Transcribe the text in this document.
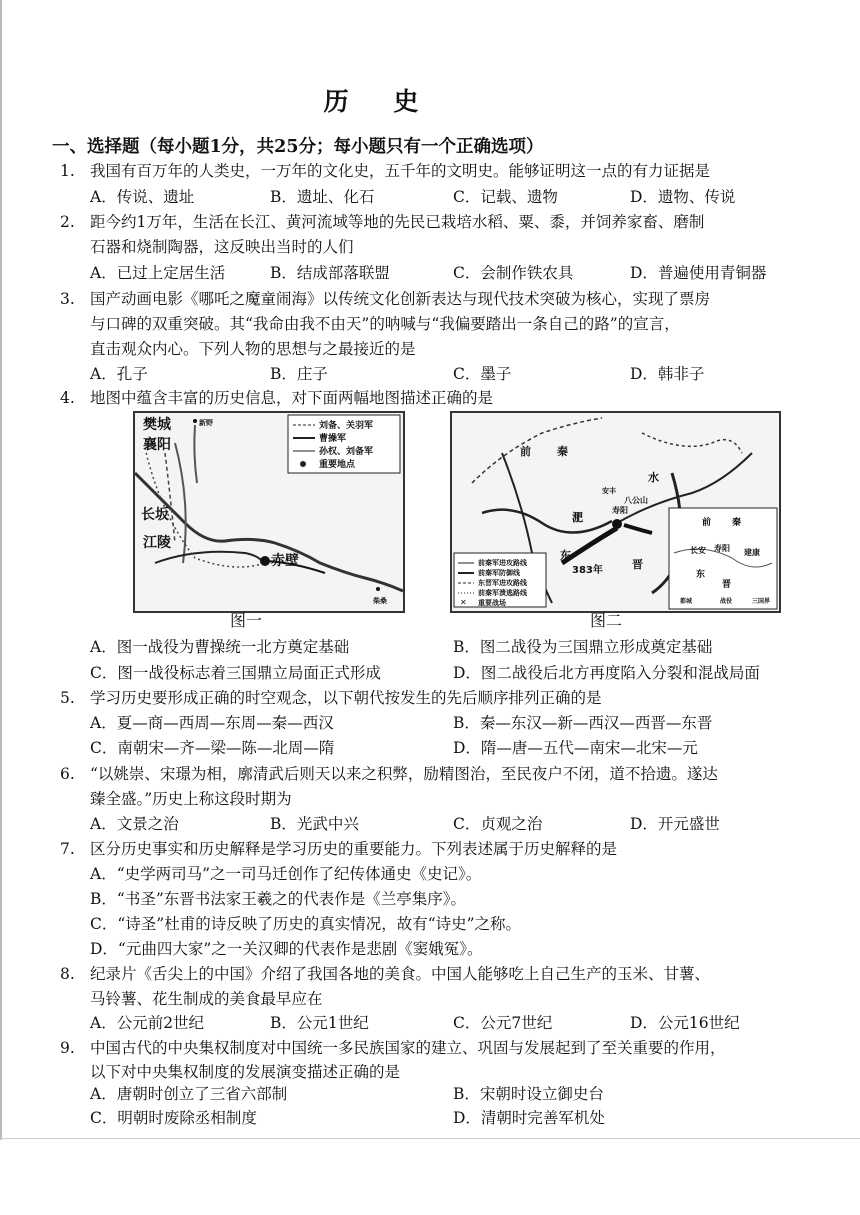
历 史
一、选择题（每小题1分，共25分；每小题只有一个正确选项）
1. 我国有百万年的人类史，一万年的文化史，五千年的文明史。能够证明这一点的有力证据是
A．传说、遗址	B．遗址、化石	C．记载、遗物	D．遗物、传说
2. 距今约1万年，生活在长江、黄河流域等地的先民已栽培水稻、粟、黍，并饲养家畜、磨制
石器和烧制陶器，这反映出当时的人们
A．已过上定居生活	B．结成部落联盟	C．会制作铁农具	D．普遍使用青铜器
3. 国产动画电影《哪吒之魔童闹海》以传统文化创新表达与现代技术突破为核心，实现了票房
与口碑的双重突破。其“我命由我不由天”的呐喊与“我偏要踏出一条自己的路”的宣言，
直击观众内心。下列人物的思想与之最接近的是
A．孔子	B．庄子	C．墨子	D．韩非子
4. 地图中蕴含丰富的历史信息，对下面两幅地图描述正确的是
刘备、关羽军
曹操军
孙权、刘备军
重要地点
樊城	新野
襄阳
长坂
江陵
赤壁
柴桑
图一
✕
前秦军进攻路线
前秦军防御线
东晋军进攻路线
前秦军溃逃路线
重要战场
前 秦
水
淝
寿阳
八公山
东
晋
383年
安丰
前 秦
长安 寿阳 建康
东
晋
都城	战役	三国界
图二
A．图一战役为曹操统一北方奠定基础	B．图二战役为三国鼎立形成奠定基础
C．图一战役标志着三国鼎立局面正式形成	D．图二战役后北方再度陷入分裂和混战局面
5. 学习历史要形成正确的时空观念，以下朝代按发生的先后顺序排列正确的是
A．夏—商—西周—东周—秦—西汉	B．秦—东汉—新—西汉—西晋—东晋
C．南朝宋—齐—梁—陈—北周—隋	D．隋—唐—五代—南宋—北宋—元
6. “以姚崇、宋璟为相，廓清武后则天以来之积弊，励精图治，至民夜户不闭，道不拾遗。遂达
臻全盛。”历史上称这段时期为
A．文景之治	B．光武中兴	C．贞观之治	D．开元盛世
7. 区分历史事实和历史解释是学习历史的重要能力。下列表述属于历史解释的是
A．“史学两司马”之一司马迁创作了纪传体通史《史记》。
B．“书圣”东晋书法家王羲之的代表作是《兰亭集序》。
C．“诗圣”杜甫的诗反映了历史的真实情况，故有“诗史”之称。
D．“元曲四大家”之一关汉卿的代表作是悲剧《窦娥冤》。
8. 纪录片《舌尖上的中国》介绍了我国各地的美食。中国人能够吃上自己生产的玉米、甘薯、
马铃薯、花生制成的美食最早应在
A．公元前2世纪	B．公元1世纪	C．公元7世纪	D．公元16世纪
9. 中国古代的中央集权制度对中国统一多民族国家的建立、巩固与发展起到了至关重要的作用，
以下对中央集权制度的发展演变描述正确的是
A．唐朝时创立了三省六部制	B．宋朝时设立御史台
C．明朝时废除丞相制度	D．清朝时完善军机处
